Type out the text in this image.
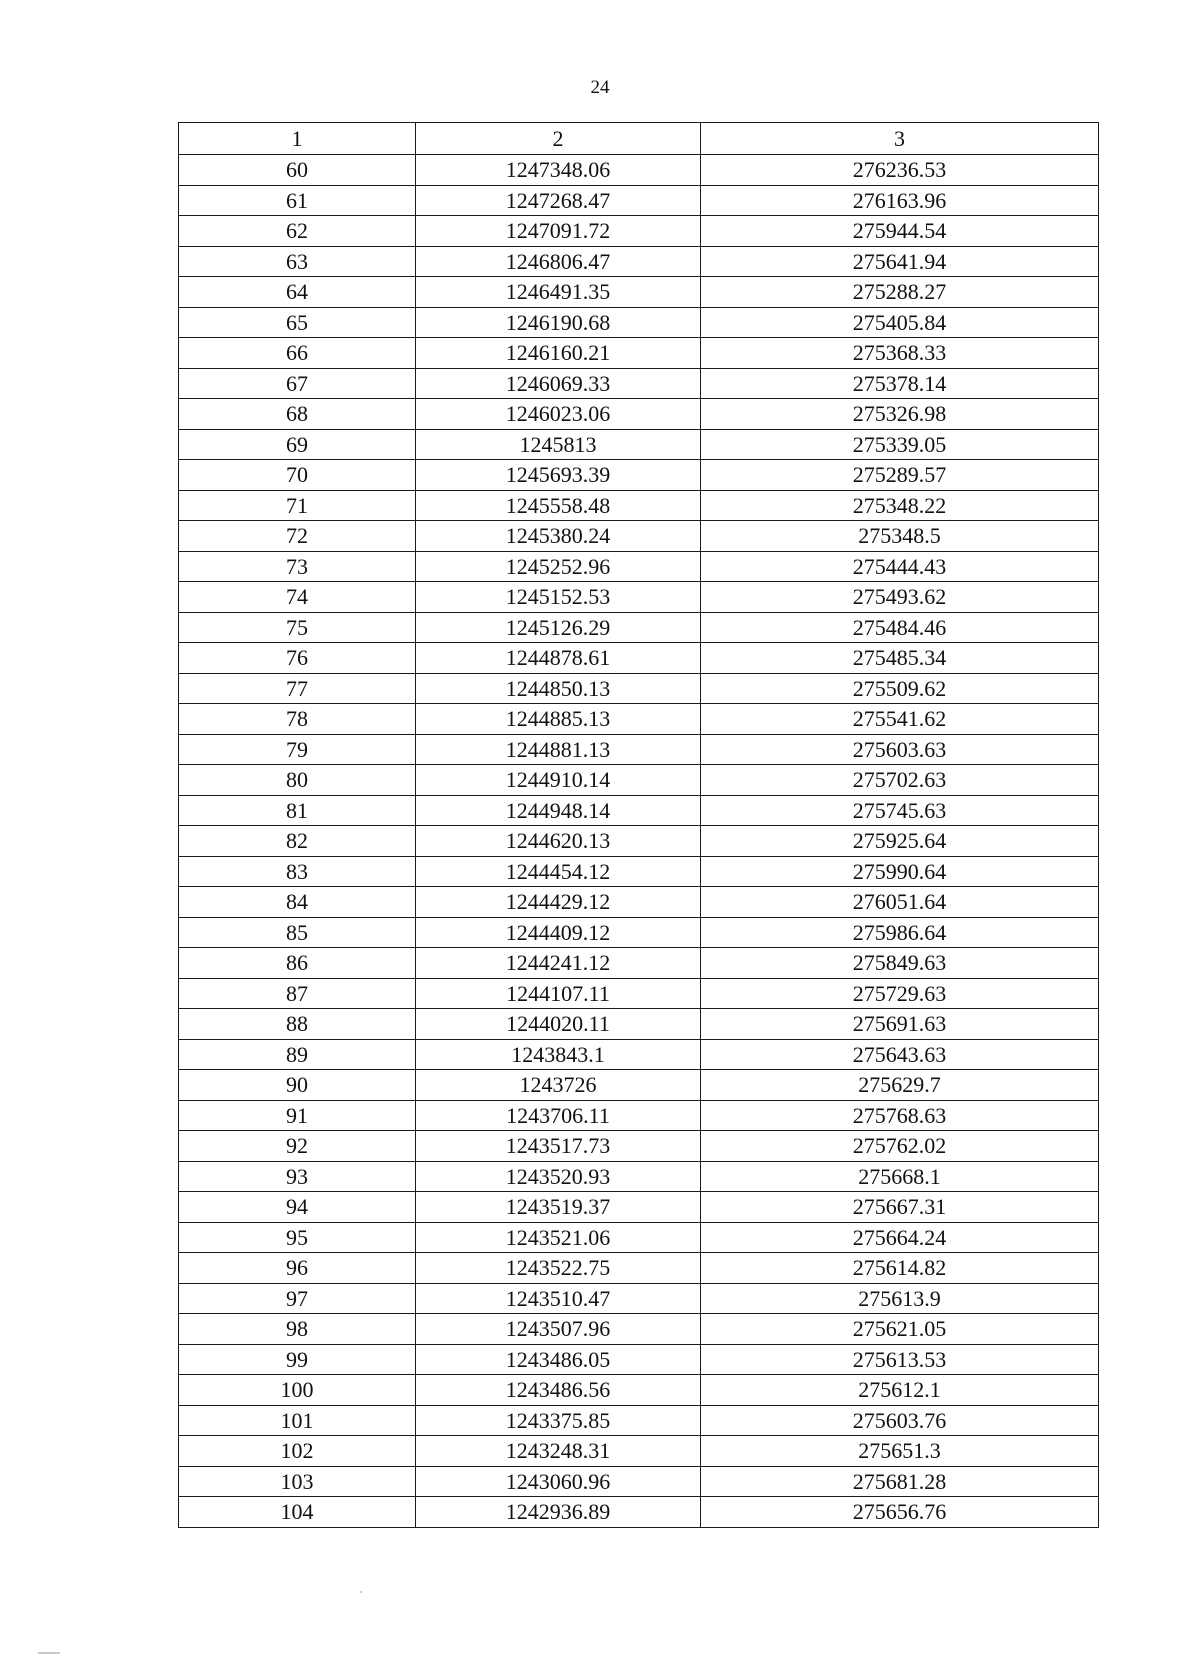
24
1	2	3
60	1247348.06	276236.53
61	1247268.47	276163.96
62	1247091.72	275944.54
63	1246806.47	275641.94
64	1246491.35	275288.27
65	1246190.68	275405.84
66	1246160.21	275368.33
67	1246069.33	275378.14
68	1246023.06	275326.98
69	1245813	275339.05
70	1245693.39	275289.57
71	1245558.48	275348.22
72	1245380.24	275348.5
73	1245252.96	275444.43
74	1245152.53	275493.62
75	1245126.29	275484.46
76	1244878.61	275485.34
77	1244850.13	275509.62
78	1244885.13	275541.62
79	1244881.13	275603.63
80	1244910.14	275702.63
81	1244948.14	275745.63
82	1244620.13	275925.64
83	1244454.12	275990.64
84	1244429.12	276051.64
85	1244409.12	275986.64
86	1244241.12	275849.63
87	1244107.11	275729.63
88	1244020.11	275691.63
89	1243843.1	275643.63
90	1243726	275629.7
91	1243706.11	275768.63
92	1243517.73	275762.02
93	1243520.93	275668.1
94	1243519.37	275667.31
95	1243521.06	275664.24
96	1243522.75	275614.82
97	1243510.47	275613.9
98	1243507.96	275621.05
99	1243486.05	275613.53
100	1243486.56	275612.1
101	1243375.85	275603.76
102	1243248.31	275651.3
103	1243060.96	275681.28
104	1242936.89	275656.76
